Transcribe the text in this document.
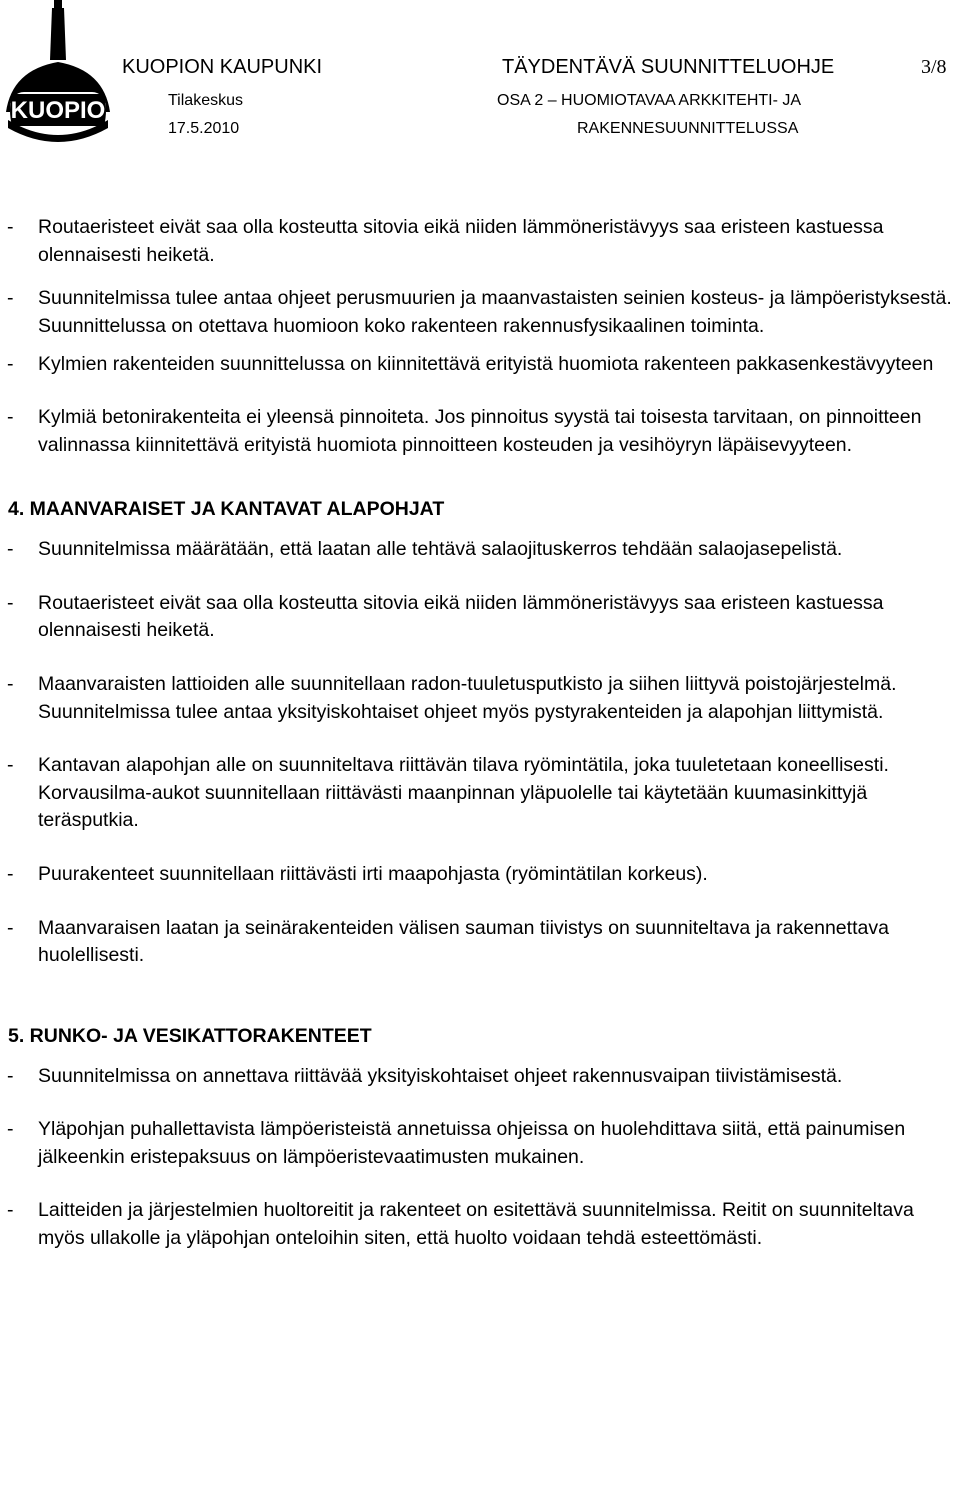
KUOPIO
KUOPION KAUPUNKI
Tilakeskus
17.5.2010
TÄYDENTÄVÄ SUUNNITTELUOHJE
OSA 2 – HUOMIOTAVAA ARKKITEHTI- JA
RAKENNESUUNNITTELUSSA
3/8
- Routaeristeet eivät saa olla kosteutta sitovia eikä niiden lämmöneristävyys saa eristeen kastuessa olennaisesti heiketä.
- Suunnitelmissa tulee antaa ohjeet perusmuurien ja maanvastaisten seinien kosteus- ja lämpöeristyksestä. Suunnittelussa on otettava huomioon koko rakenteen rakennusfysikaalinen toiminta.
- Kylmien rakenteiden suunnittelussa on kiinnitettävä erityistä huomiota rakenteen pakkasenkestävyyteen
- Kylmiä betonirakenteita ei yleensä pinnoiteta. Jos pinnoitus syystä tai toisesta tarvitaan, on pinnoitteen valinnassa kiinnitettävä erityistä huomiota pinnoitteen kosteuden ja vesihöyryn läpäisevyyteen.
4. MAANVARAISET JA KANTAVAT ALAPOHJAT
- Suunnitelmissa määrätään, että laatan alle tehtävä salaojituskerros tehdään salaojasepelistä.
- Routaeristeet eivät saa olla kosteutta sitovia eikä niiden lämmöneristävyys saa eristeen kastuessa olennaisesti heiketä.
- Maanvaraisten lattioiden alle suunnitellaan radon-tuuletusputkisto ja siihen liittyvä poistojärjestelmä. Suunnitelmissa tulee antaa yksityiskohtaiset ohjeet myös pystyrakenteiden ja alapohjan liittymistä.
- Kantavan alapohjan alle on suunniteltava riittävän tilava ryömintätila, joka tuuletetaan koneellisesti. Korvausilma-aukot suunnitellaan riittävästi maanpinnan yläpuolelle tai käytetään kuumasinkittyjä teräsputkia.
- Puurakenteet suunnitellaan riittävästi irti maapohjasta (ryömintätilan korkeus).
- Maanvaraisen laatan ja seinärakenteiden välisen sauman tiivistys on suunniteltava ja rakennettava huolellisesti.
5. RUNKO- JA VESIKATTORAKENTEET
- Suunnitelmissa on annettava riittävää yksityiskohtaiset ohjeet rakennusvaipan tiivistämisestä.
- Yläpohjan puhallettavista lämpöeristeistä annetuissa ohjeissa on huolehdittava siitä, että painumisen jälkeenkin eristepaksuus on lämpöeristevaatimusten mukainen.
- Laitteiden ja järjestelmien huoltoreitit ja rakenteet on esitettävä suunnitelmissa. Reitit on suunniteltava myös ullakolle ja yläpohjan onteloihin siten, että huolto voidaan tehdä esteettömästi.
